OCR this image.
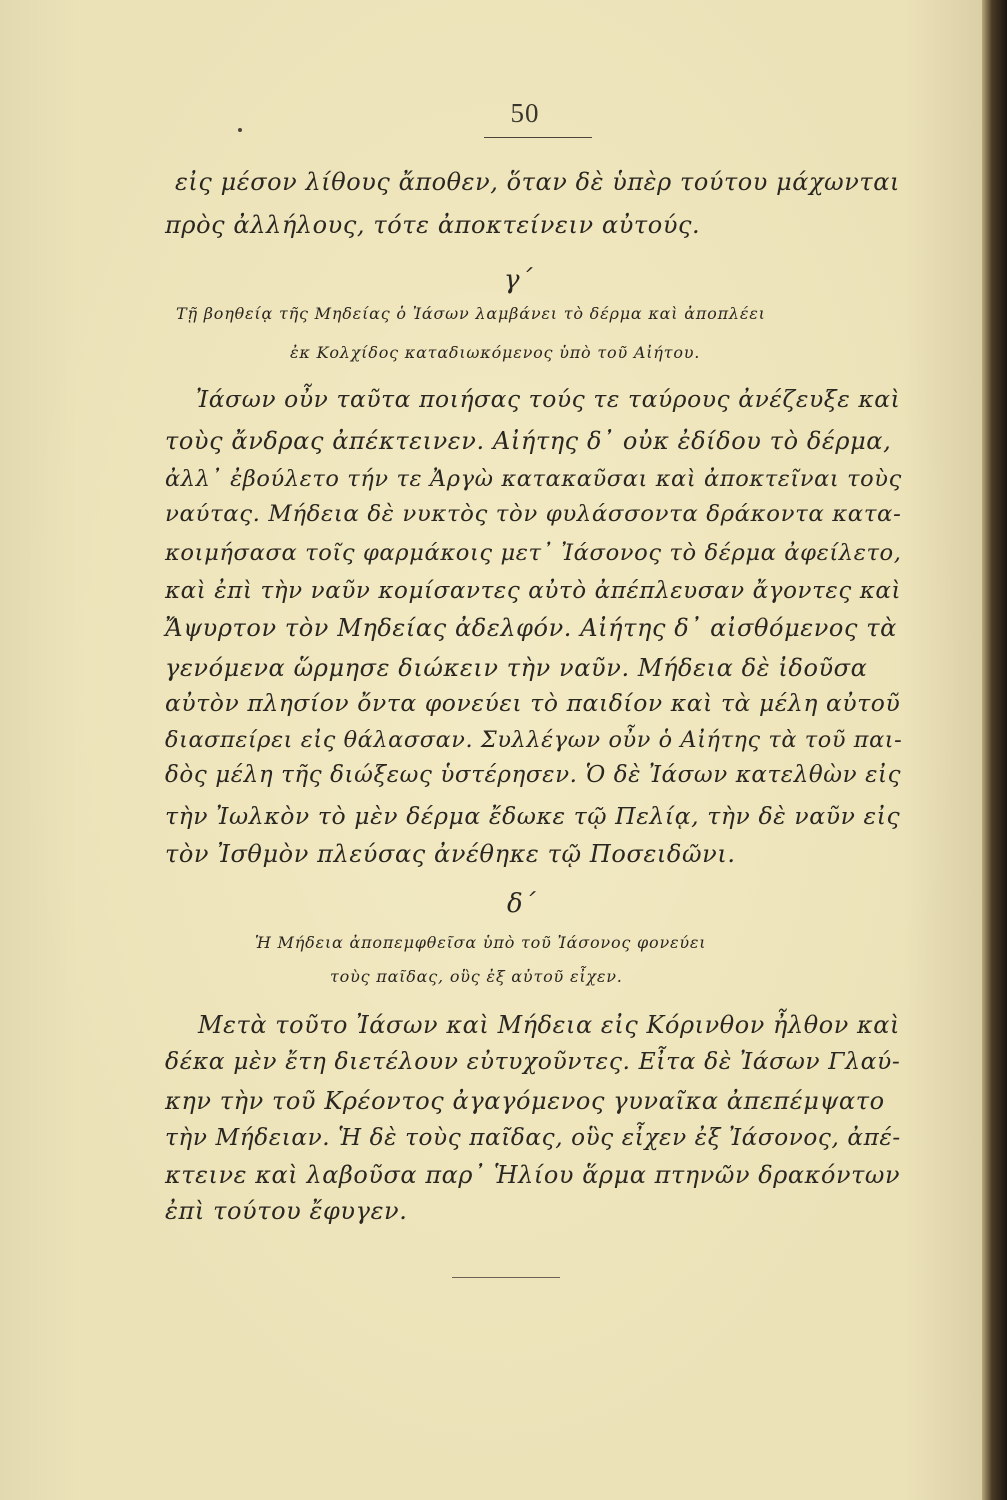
50
εἰς μέσον λίθους ἄποθεν, ὅταν δὲ ὑπὲρ τούτου μάχωνται
πρὸς ἀλλήλους, τότε ἀποκτείνειν αὐτούς.
γ΄
Τῇ βοηθείᾳ τῆς Μηδείας ὁ Ἰάσων λαμβάνει τὸ δέρμα καὶ ἀποπλέει
ἐκ Κολχίδος καταδιωκόμενος ὑπὸ τοῦ Αἰήτου.
Ἰάσων οὖν ταῦτα ποιήσας τούς τε ταύρους ἀνέζευξε καὶ
τοὺς ἄνδρας ἀπέκτεινεν. Αἰήτης δ᾽ οὐκ ἐδίδου τὸ δέρμα,
ἀλλ᾽ ἐβούλετο τήν τε Ἀργὼ κατακαῦσαι καὶ ἀποκτεῖναι τοὺς
ναύτας. Μήδεια δὲ νυκτὸς τὸν φυλάσσοντα δράκοντα κατα-
κοιμήσασα τοῖς φαρμάκοις μετ᾽ Ἰάσονος τὸ δέρμα ἀφείλετο,
καὶ ἐπὶ τὴν ναῦν κομίσαντες αὐτὸ ἀπέπλευσαν ἄγοντες καὶ
Ἄψυρτον τὸν Μηδείας ἀδελφόν. Αἰήτης δ᾽ αἰσθόμενος τὰ
γενόμενα ὥρμησε διώκειν τὴν ναῦν. Μήδεια δὲ ἰδοῦσα
αὐτὸν πλησίον ὄντα φονεύει τὸ παιδίον καὶ τὰ μέλη αὐτοῦ
διασπείρει εἰς θάλασσαν. Συλλέγων οὖν ὁ Αἰήτης τὰ τοῦ παι-
δὸς μέλη τῆς διώξεως ὑστέρησεν. Ὁ δὲ Ἰάσων κατελθὼν εἰς
τὴν Ἰωλκὸν τὸ μὲν δέρμα ἔδωκε τῷ Πελίᾳ, τὴν δὲ ναῦν εἰς
τὸν Ἰσθμὸν πλεύσας ἀνέθηκε τῷ Ποσειδῶνι.
δ΄
Ἡ Μήδεια ἀποπεμφθεῖσα ὑπὸ τοῦ Ἰάσονος φονεύει
τοὺς παῖδας, οὓς ἐξ αὐτοῦ εἶχεν.
Μετὰ τοῦτο Ἰάσων καὶ Μήδεια εἰς Κόρινθον ἦλθον καὶ
δέκα μὲν ἔτη διετέλουν εὐτυχοῦντες. Εἶτα δὲ Ἰάσων Γλαύ-
κην τὴν τοῦ Κρέοντος ἀγαγόμενος γυναῖκα ἀπεπέμψατο
τὴν Μήδειαν. Ἡ δὲ τοὺς παῖδας, οὓς εἶχεν ἐξ Ἰάσονος, ἀπέ-
κτεινε καὶ λαβοῦσα παρ᾽ Ἡλίου ἅρμα πτηνῶν δρακόντων
ἐπὶ τούτου ἔφυγεν.
